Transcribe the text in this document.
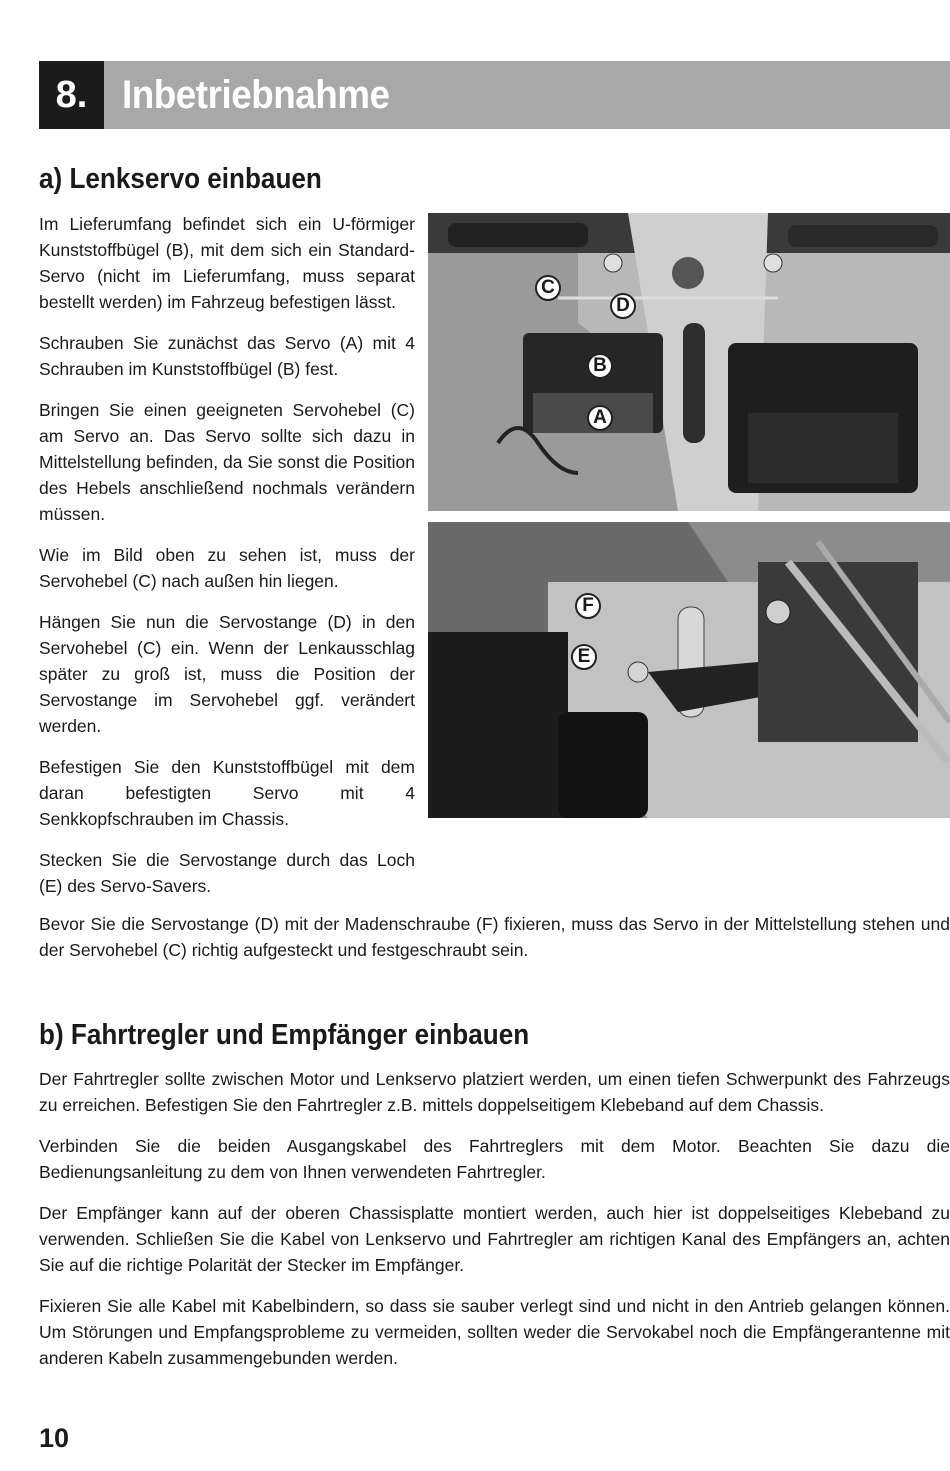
8. Inbetriebnahme
a) Lenkservo einbauen

Im Lieferumfang befindet sich ein U-förmiger Kunststoffbügel (B), mit dem sich ein Standard-Servo (nicht im Lieferumfang, muss separat bestellt werden) im Fahrzeug befestigen lässt.

Schrauben Sie zunächst das Servo (A) mit 4 Schrauben im Kunststoffbügel (B) fest.

Bringen Sie einen geeigneten Servohebel (C) am Servo an. Das Servo sollte sich dazu in Mittelstellung befinden, da Sie sonst die Position des Hebels anschließend nochmals verändern müssen.

Wie im Bild oben zu sehen ist, muss der Servohebel (C) nach außen hin liegen.

Hängen Sie nun die Servostange (D) in den Servohebel (C) ein. Wenn der Lenkausschlag später zu groß ist, muss die Position der Servostange im Servohebel ggf. verändert werden.

Befestigen Sie den Kunststoffbügel mit dem daran befestigten Servo mit 4 Senkkopfschrauben im Chassis.

Stecken Sie die Servostange durch das Loch (E) des Servo-Savers.

C
D
B
A
F
E

Bevor Sie die Servostange (D) mit der Madenschraube (F) fixieren, muss das Servo in der Mittelstellung stehen und der Servohebel (C) richtig aufgesteckt und festgeschraubt sein.

b) Fahrtregler und Empfänger einbauen

Der Fahrtregler sollte zwischen Motor und Lenkservo platziert werden, um einen tiefen Schwerpunkt des Fahrzeugs zu erreichen. Befestigen Sie den Fahrtregler z.B. mittels doppelseitigem Klebeband auf dem Chassis.

Verbinden Sie die beiden Ausgangskabel des Fahrtreglers mit dem Motor. Beachten Sie dazu die Bedienungsanleitung zu dem von Ihnen verwendeten Fahrtregler.

Der Empfänger kann auf der oberen Chassisplatte montiert werden, auch hier ist doppelseitiges Klebeband zu verwenden. Schließen Sie die Kabel von Lenkservo und Fahrtregler am richtigen Kanal des Empfängers an, achten Sie auf die richtige Polarität der Stecker im Empfänger.

Fixieren Sie alle Kabel mit Kabelbindern, so dass sie sauber verlegt sind und nicht in den Antrieb gelangen können. Um Störungen und Empfangsprobleme zu vermeiden, sollten weder die Servokabel noch die Empfängerantenne mit anderen Kabeln zusammengebunden werden.

10
